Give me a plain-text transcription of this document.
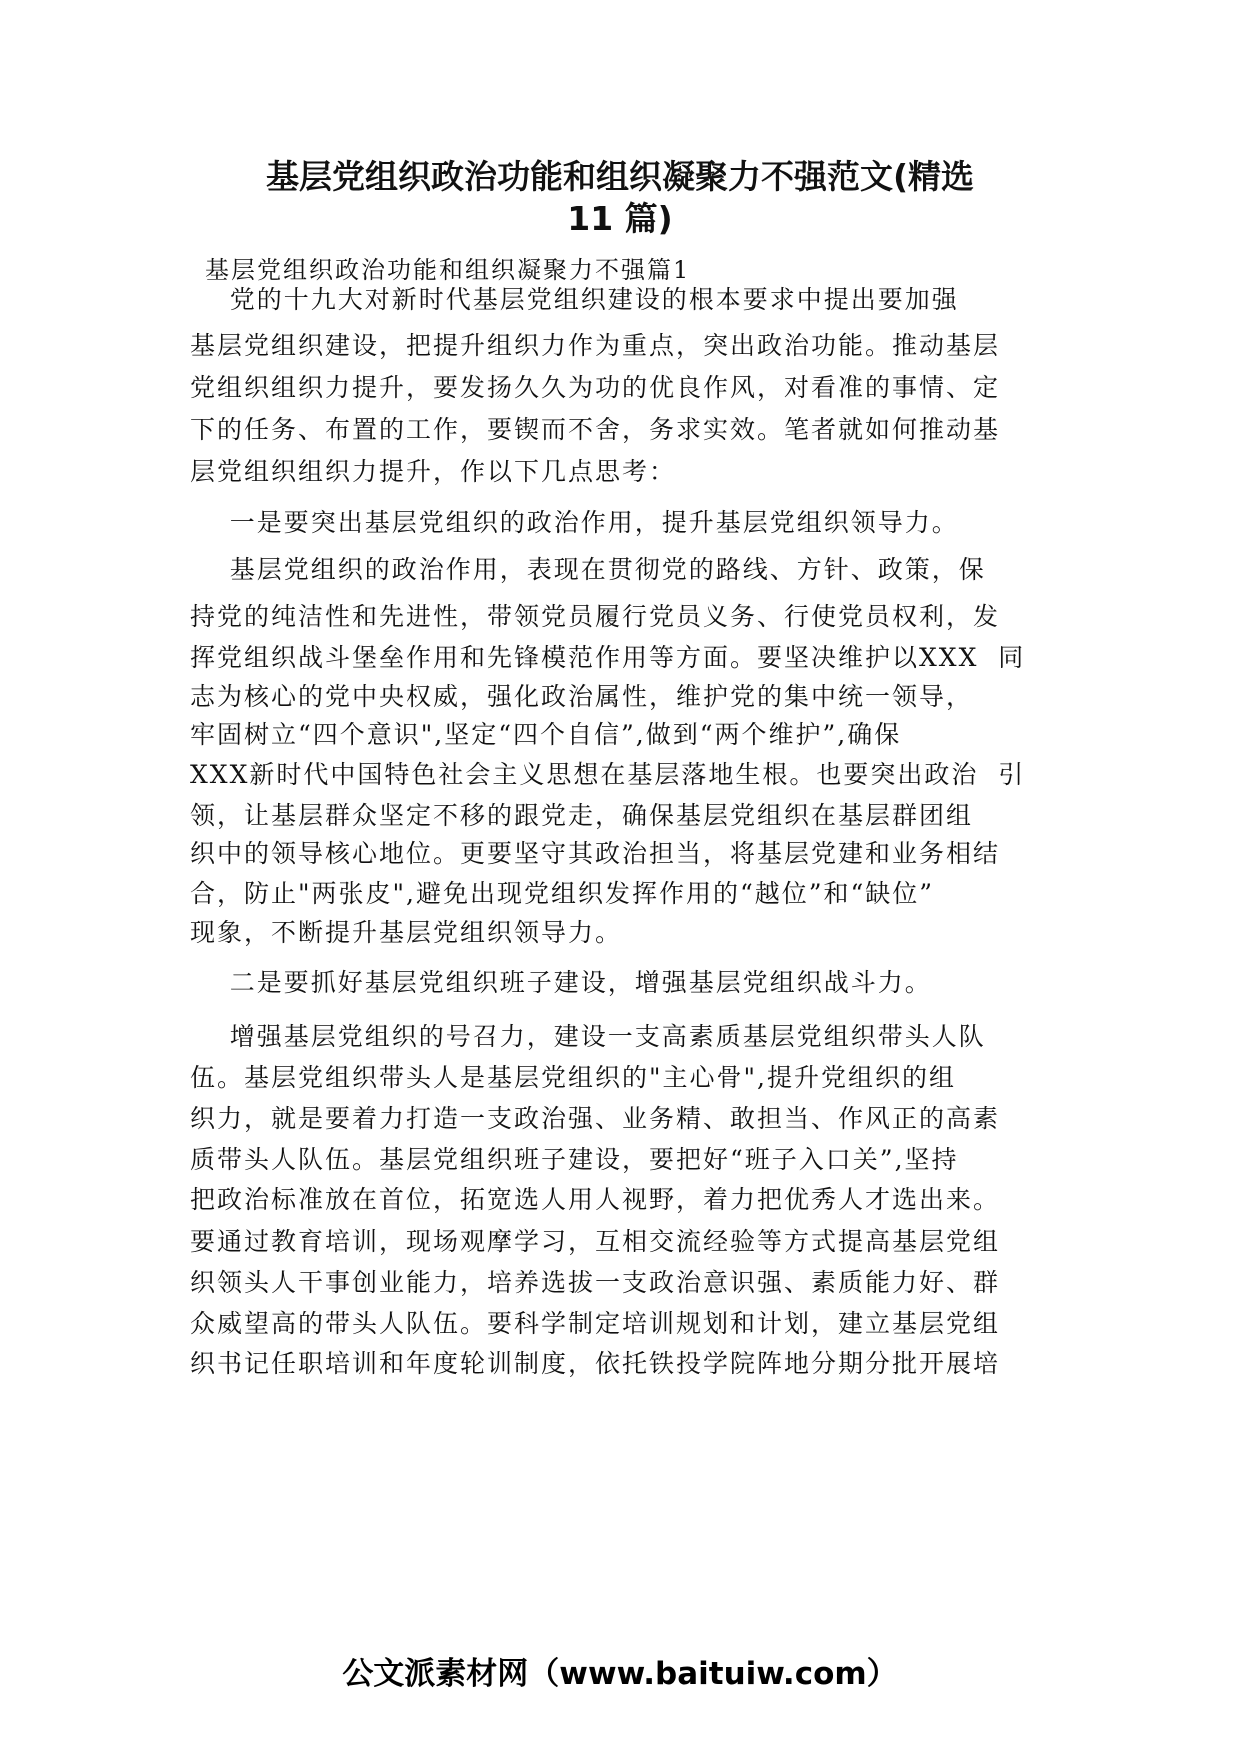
基层党组织政治功能和组织凝聚力不强范文(精选
11 篇)
基层党组织政治功能和组织凝聚力不强篇1
党的十九大对新时代基层党组织建设的根本要求中提出要加强
基层党组织建设，把提升组织力作为重点，突出政治功能。推动基层
党组织组织力提升，要发扬久久为功的优良作风，对看准的事情、定
下的任务、布置的工作，要锲而不舍，务求实效。笔者就如何推动基
层党组织组织力提升，作以下几点思考：
一是要突出基层党组织的政治作用，提升基层党组织领导力。
基层党组织的政治作用，表现在贯彻党的路线、方针、政策，保
持党的纯洁性和先进性，带领党员履行党员义务、行使党员权利，发
挥党组织战斗堡垒作用和先锋模范作用等方面。要坚决维护以XXX  同
志为核心的党中央权威，强化政治属性，维护党的集中统一领导，
牢固树立“四个意识",坚定“四个自信”,做到“两个维护”,确保
XXX新时代中国特色社会主义思想在基层落地生根。也要突出政治  引
领，让基层群众坚定不移的跟党走，确保基层党组织在基层群团组
织中的领导核心地位。更要坚守其政治担当，将基层党建和业务相结
合，防止"两张皮",避免出现党组织发挥作用的“越位”和“缺位”
现象，不断提升基层党组织领导力。
二是要抓好基层党组织班子建设，增强基层党组织战斗力。
增强基层党组织的号召力，建设一支高素质基层党组织带头人队
伍。基层党组织带头人是基层党组织的"主心骨",提升党组织的组
织力，就是要着力打造一支政治强、业务精、敢担当、作风正的高素
质带头人队伍。基层党组织班子建设，要把好“班子入口关”,坚持
把政治标准放在首位，拓宽选人用人视野，着力把优秀人才选出来。
要通过教育培训，现场观摩学习，互相交流经验等方式提高基层党组
织领头人干事创业能力，培养选拔一支政治意识强、素质能力好、群
众威望高的带头人队伍。要科学制定培训规划和计划，建立基层党组
织书记任职培训和年度轮训制度，依托铁投学院阵地分期分批开展培
公文派素材网（www.baituiw.com）
